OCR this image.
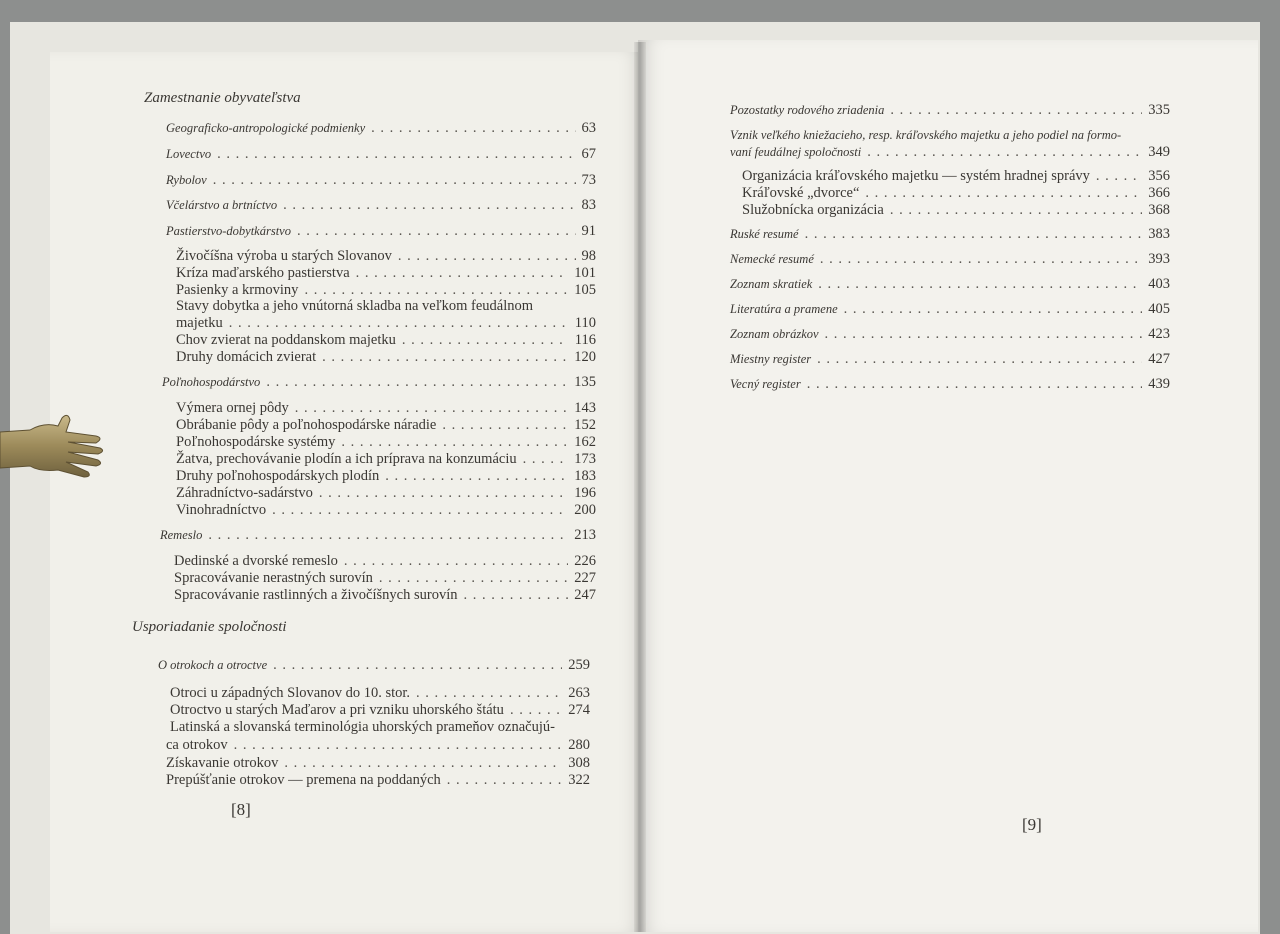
Zamestnanie obyvateľstva
Geograficko-antropologické podmienky . . .	63
Lovectvo . . .	67
Rybolov . . .	73
Včelárstvo a brtníctvo . . .	83
Pastierstvo-dobytkárstvo . . .	91
Živočíšna výroba u starých Slovanov . . .	98
Kríza maďarského pastierstva . . .	101
Pasienky a krmoviny . . .	105
Stavy dobytka a jeho vnútorná skladba na veľkom feudálnom
majetku . . .	110
Chov zvierat na poddanskom majetku . . .	116
Druhy domácich zvierat . . .	120
Poľnohospodárstvo . . .	135
Výmera ornej pôdy . . .	143
Obrábanie pôdy a poľnohospodárske náradie . . .	152
Poľnohospodárske systémy . . .	162
Žatva, prechovávanie plodín a ich príprava na konzumáciu . . .	173
Druhy poľnohospodárskych plodín . . .	183
Záhradníctvo-sadárstvo . . .	196
Vinohradníctvo . . .	200
Remeslo . . .	213
Dedinské a dvorské remeslo . . .	226
Spracovávanie nerastných surovín . . .	227
Spracovávanie rastlinných a živočíšnych surovín . . .	247
Usporiadanie spoločnosti
O otrokoch a otroctve . . .	259
Otroci u západných Slovanov do 10. stor. . . .	263
Otroctvo u starých Maďarov a pri vzniku uhorského štátu . . .	274
Latinská a slovanská terminológia uhorských prameňov označujú-
ca otrokov . . .	280
Získavanie otrokov . . .	308
Prepúšťanie otrokov — premena na poddaných . . .	322
[8]
Pozostatky rodového zriadenia . . .	335
Vznik veľkého kniežacieho, resp. kráľovského majetku a jeho podiel na formo-
vaní feudálnej spoločnosti . . .	349
Organizácia kráľovského majetku — systém hradnej správy . . .	356
Kráľovské „dvorce“ . . .	366
Služobnícka organizácia . . .	368
Ruské resumé . . .	383
Nemecké resumé . . .	393
Zoznam skratiek . . .	403
Literatúra a pramene . . .	405
Zoznam obrázkov . . .	423
Miestny register . . .	427
Vecný register . . .	439
[9]
